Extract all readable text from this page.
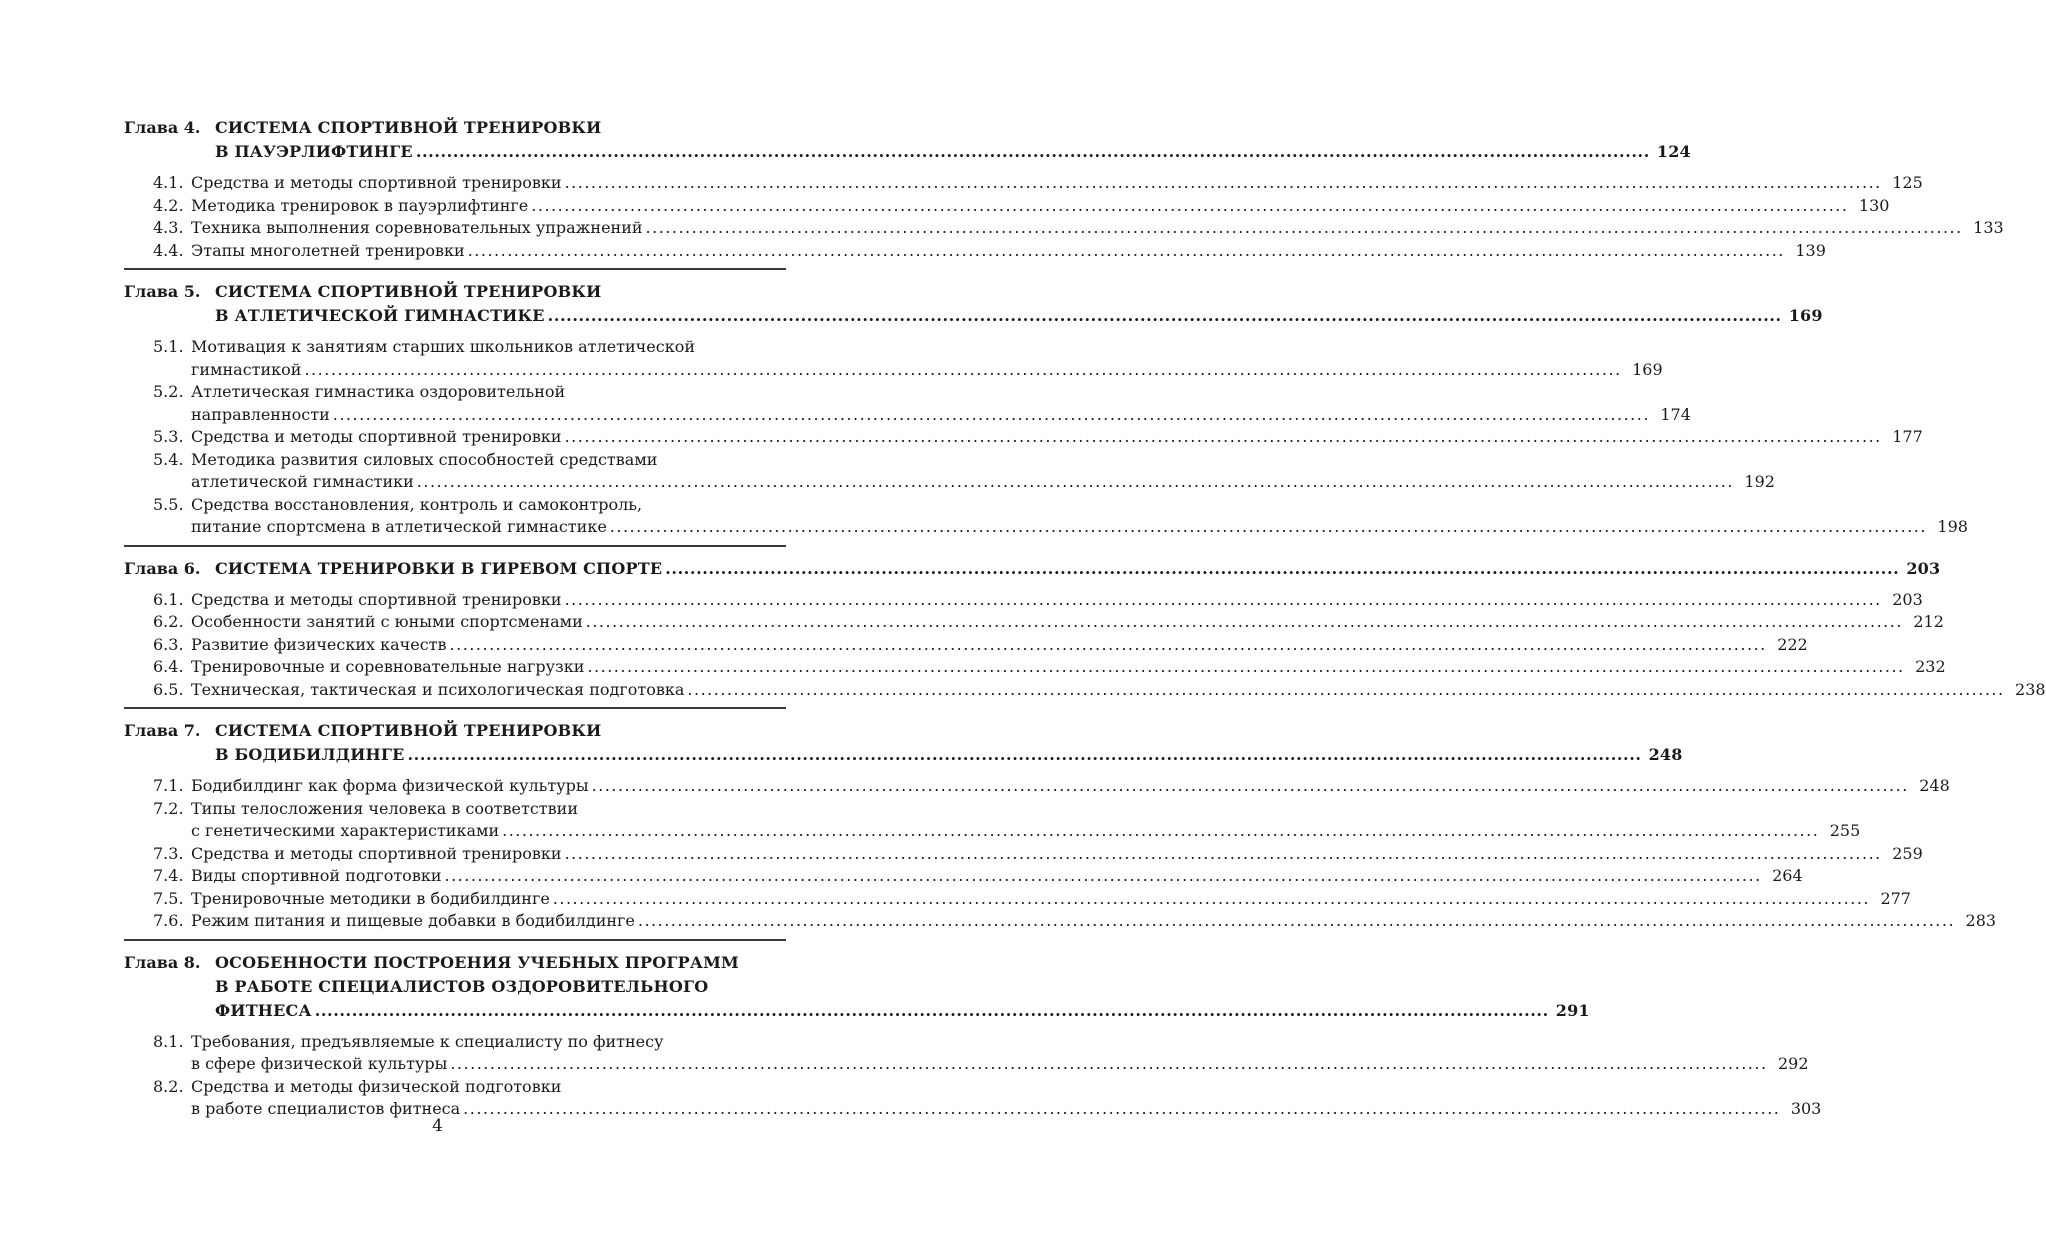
Глава 4. СИСТЕМА СПОРТИВНОЙ ТРЕНИРОВКИ
В ПАУЭРЛИФТИНГЕ ........................................................................................................................................................................................................ 124
4.1. Средства и методы спортивной тренировки ........................................................................................................................................................................................................ 125
4.2. Методика тренировок в пауэрлифтинге ........................................................................................................................................................................................................ 130
4.3. Техника выполнения соревновательных упражнений ........................................................................................................................................................................................................ 133
4.4. Этапы многолетней тренировки ........................................................................................................................................................................................................ 139
Глава 5. СИСТЕМА СПОРТИВНОЙ ТРЕНИРОВКИ
В АТЛЕТИЧЕСКОЙ ГИМНАСТИКЕ ........................................................................................................................................................................................................ 169
5.1. Мотивация к занятиям старших школьников атлетической
гимнастикой ........................................................................................................................................................................................................ 169
5.2. Атлетическая гимнастика оздоровительной
направленности ........................................................................................................................................................................................................ 174
5.3. Средства и методы спортивной тренировки ........................................................................................................................................................................................................ 177
5.4. Методика развития силовых способностей средствами
атлетической гимнастики ........................................................................................................................................................................................................ 192
5.5. Средства восстановления, контроль и самоконтроль,
питание спортсмена в атлетической гимнастике ........................................................................................................................................................................................................ 198
Глава 6. СИСТЕМА ТРЕНИРОВКИ В ГИРЕВОМ СПОРТЕ ........................................................................................................................................................................................................ 203
6.1. Средства и методы спортивной тренировки ........................................................................................................................................................................................................ 203
6.2. Особенности занятий с юными спортсменами ........................................................................................................................................................................................................ 212
6.3. Развитие физических качеств ........................................................................................................................................................................................................ 222
6.4. Тренировочные и соревновательные нагрузки ........................................................................................................................................................................................................ 232
6.5. Техническая, тактическая и психологическая подготовка ........................................................................................................................................................................................................ 238
Глава 7. СИСТЕМА СПОРТИВНОЙ ТРЕНИРОВКИ
В БОДИБИЛДИНГЕ ........................................................................................................................................................................................................ 248
7.1. Бодибилдинг как форма физической культуры ........................................................................................................................................................................................................ 248
7.2. Типы телосложения человека в соответствии
с генетическими характеристиками ........................................................................................................................................................................................................ 255
7.3. Средства и методы спортивной тренировки ........................................................................................................................................................................................................ 259
7.4. Виды спортивной подготовки ........................................................................................................................................................................................................ 264
7.5. Тренировочные методики в бодибилдинге ........................................................................................................................................................................................................ 277
7.6. Режим питания и пищевые добавки в бодибилдинге ........................................................................................................................................................................................................ 283
Глава 8. ОСОБЕННОСТИ ПОСТРОЕНИЯ УЧЕБНЫХ ПРОГРАММ
В РАБОТЕ СПЕЦИАЛИСТОВ ОЗДОРОВИТЕЛЬНОГО
ФИТНЕСА ........................................................................................................................................................................................................ 291
8.1. Требования, предъявляемые к специалисту по фитнесу
в сфере физической культуры ........................................................................................................................................................................................................ 292
8.2. Средства и методы физической подготовки
в работе специалистов фитнеса ........................................................................................................................................................................................................ 303
4
